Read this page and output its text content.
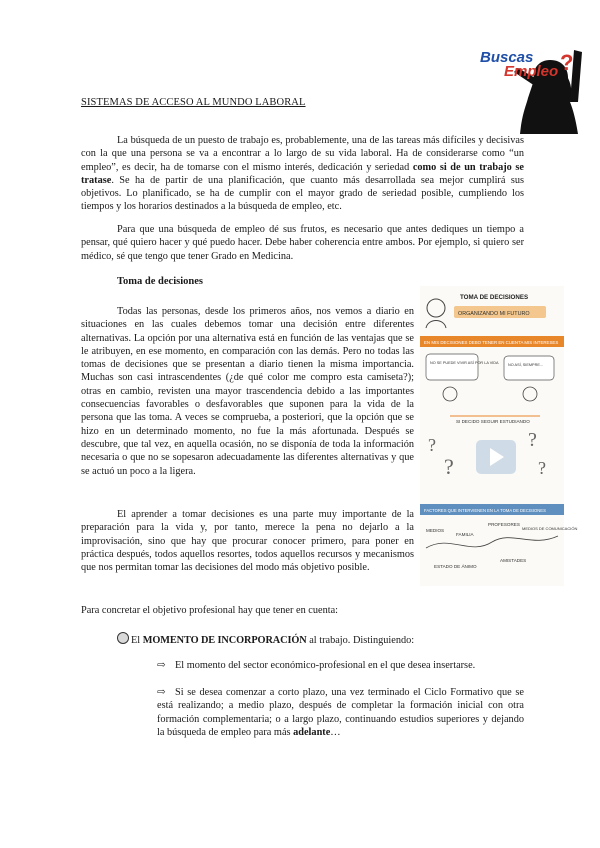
Buscas
Empleo ?
SISTEMAS DE ACCESO AL MUNDO LABORAL

La búsqueda de un puesto de trabajo es, probablemente, una de las tareas más difíciles y decisivas con la que una persona se va a encontrar a lo largo de su vida laboral. Ha de considerarse como “un empleo”, es decir, ha de tomarse con el mismo interés, dedicación y seriedad como si de un trabajo se tratase. Se ha de partir de una planificación, que cuanto más desarrollada sea mejor cumplirá sus objetivos. Lo planificado, se ha de cumplir con el mayor grado de seriedad posible, cumpliendo los tiempos y los horarios destinados a la búsqueda de empleo, etc.

Para que una búsqueda de empleo dé sus frutos, es necesario que antes dediques un tiempo a pensar, qué quiero hacer y qué puedo hacer. Debe haber coherencia entre ambos. Por ejemplo, si quiero ser médico, sé que tengo que tener Grado en Medicina.

Toma de decisiones

Todas las personas, desde los primeros años, nos vemos a diario en situaciones en las cuales debemos tomar una decisión entre diferentes alternativas. La opción por una alternativa está en función de las ventajas que se le atribuyen, en ese momento, en comparación con las demás. Pero no todas las tomas de decisiones que se presentan a diario tienen la misma importancia. Muchas son casi intrascendentes (¿de qué color me compro esta camiseta?); otras en cambio, revisten una mayor trascendencia debido a las importantes consecuencias favorables o desfavorables que suponen para la vida de la persona que las toma. A veces se comprueba, a posteriori, que la opción que se hizo en un determinado momento, no fue la más afortunada. Después se descubre, que tal vez, en aquella ocasión, no se disponía de toda la información necesaria o que no se sopesaron adecuadamente las diferentes alternativas y que se actuó un poco a la ligera.

El aprender a tomar decisiones es una parte muy importante de la preparación para la vida y, por tanto, merece la pena no dejarlo a la improvisación, sino que hay que procurar conocer primero, para poner en práctica después, todos aquellos resortes, todos aquellos recursos y mecanismos que nos permitan tomar las decisiones del modo más objetivo posible.

Para concretar el objetivo profesional hay que tener en cuenta:

El MOMENTO DE INCORPORACIÓN al trabajo. Distinguiendo:

⇨ El momento del sector económico-profesional en el que desea insertarse.

⇨ Si se desea comenzar a corto plazo, una vez terminado el Ciclo Formativo que se está realizando; a medio plazo, después de completar la formación inicial con otra formación complementaria; o a largo plazo, continuando estudios superiores y dejando la búsqueda de empleo para más adelante…

TOMA DE DECISIONES
ORGANIZANDO MI FUTURO
EN MIS DECISIONES DEBO TENER EN CUENTA MIS INTERESES
NO SE PUEDE VIVIR ASÍ POR LA VIDA NO ASÍ, SIEMPRE...
SI DECIDO SEGUIR ESTUDIANDO
?
?
?
?
FACTORES QUE INTERVIENEN EN LA TOMA DE DECISIONES
MEDIOS
FAMILIA
PROFESORES
MEDIOS DE COMUNICACIÓN
ESTADO DE ÁNIMO
AMISTADES
